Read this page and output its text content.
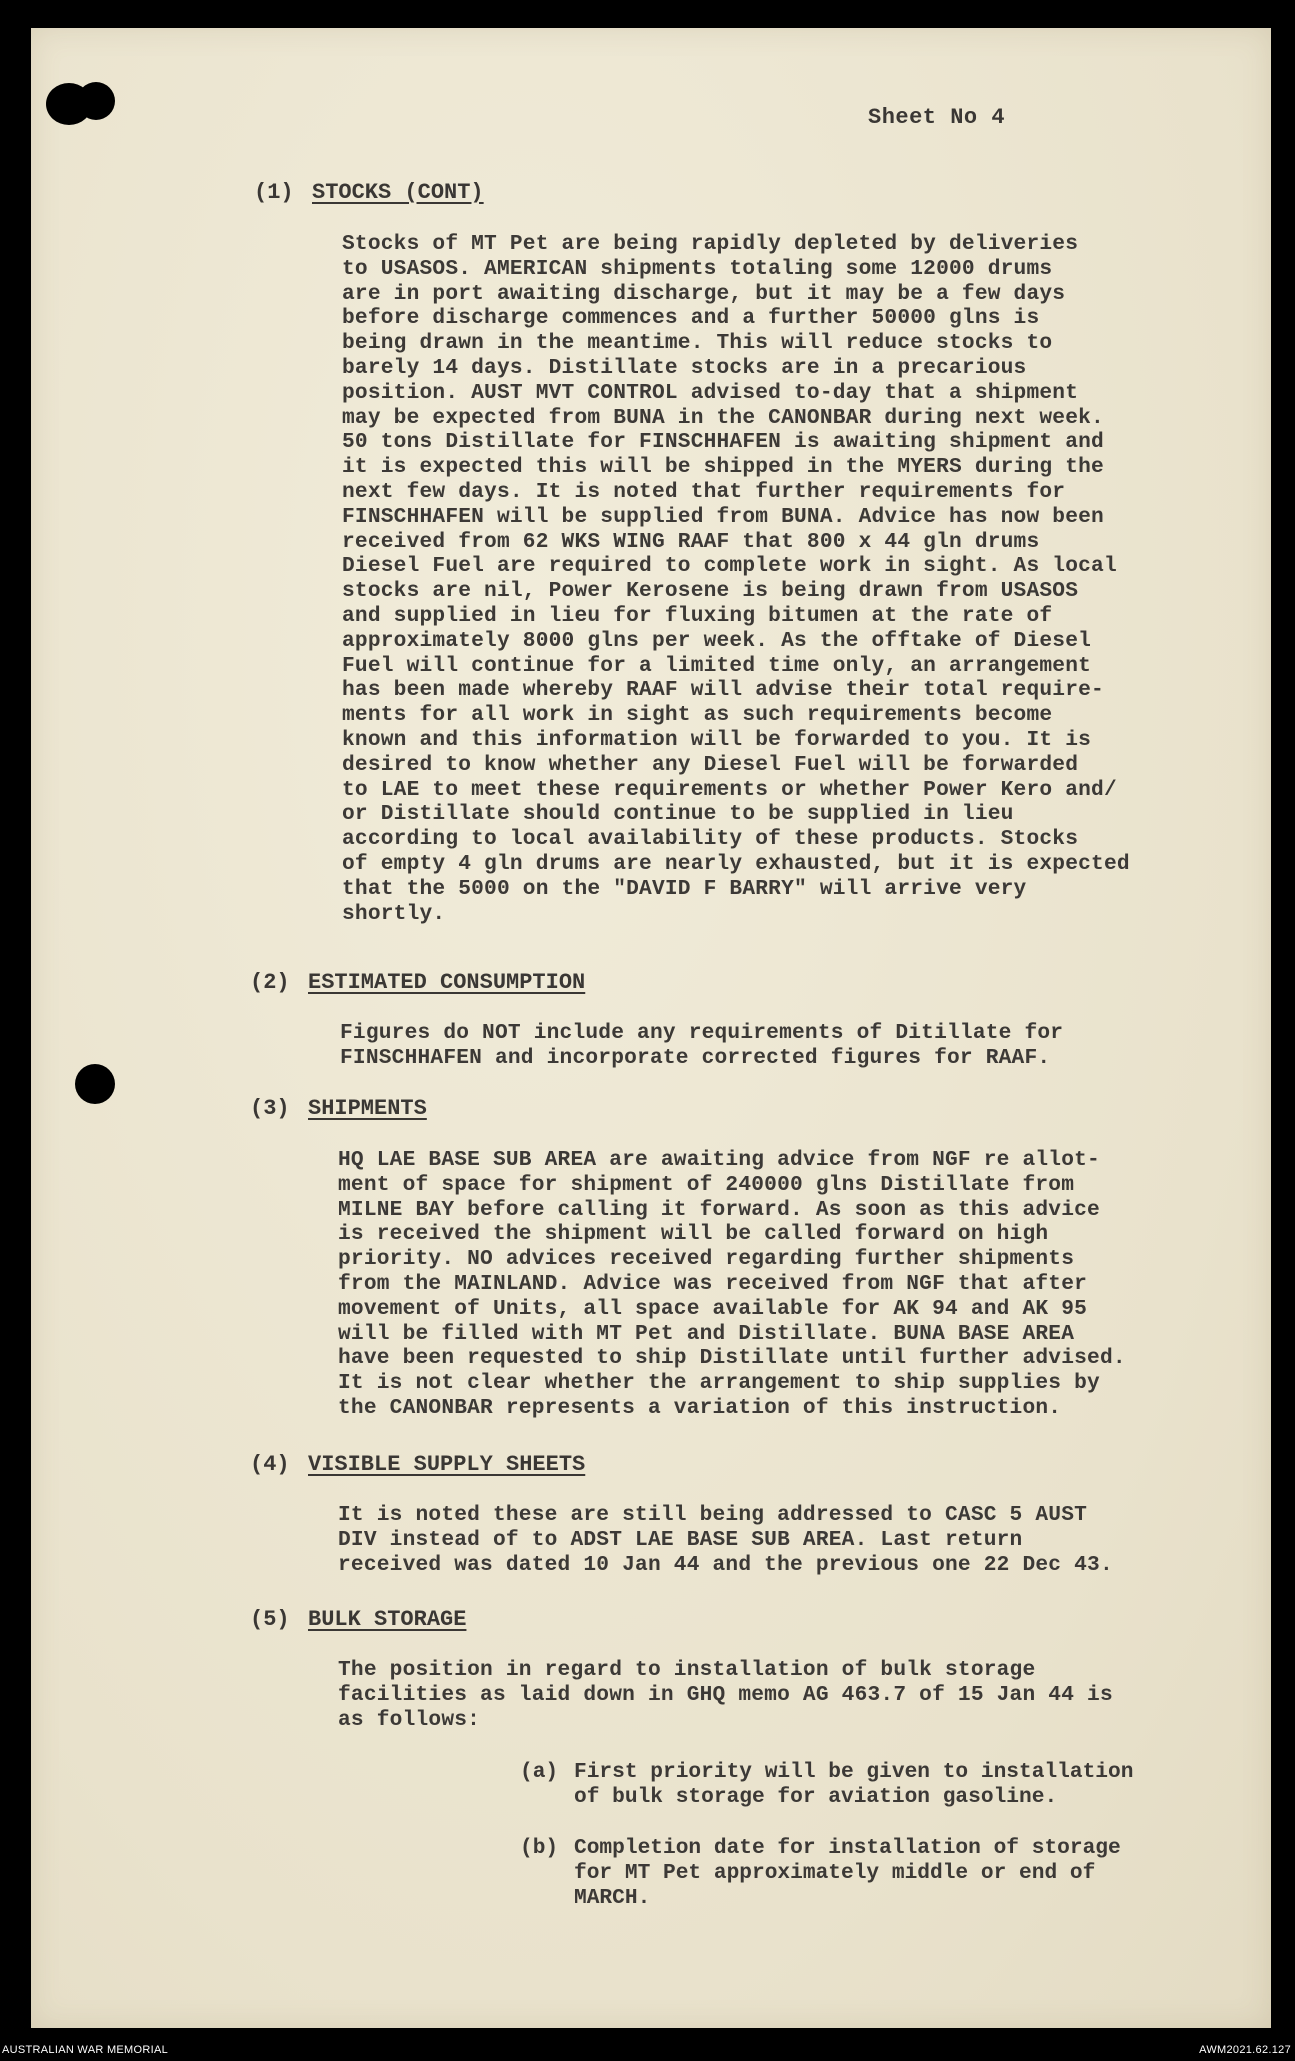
Sheet No 4
(1) STOCKS (CONT)
Stocks of MT Pet are being rapidly depleted by deliveries
to USASOS. AMERICAN shipments totaling some 12000 drums
are in port awaiting discharge, but it may be a few days
before discharge commences and a further 50000 glns is
being drawn in the meantime. This will reduce stocks to
barely 14 days. Distillate stocks are in a precarious
position. AUST MVT CONTROL advised to-day that a shipment
may be expected from BUNA in the CANONBAR during next week.
50 tons Distillate for FINSCHHAFEN is awaiting shipment and
it is expected this will be shipped in the MYERS during the
next few days. It is noted that further requirements for
FINSCHHAFEN will be supplied from BUNA. Advice has now been
received from 62 WKS WING RAAF that 800 x 44 gln drums
Diesel Fuel are required to complete work in sight. As local
stocks are nil, Power Kerosene is being drawn from USASOS
and supplied in lieu for fluxing bitumen at the rate of
approximately 8000 glns per week. As the offtake of Diesel
Fuel will continue for a limited time only, an arrangement
has been made whereby RAAF will advise their total require-
ments for all work in sight as such requirements become
known and this information will be forwarded to you. It is
desired to know whether any Diesel Fuel will be forwarded
to LAE to meet these requirements or whether Power Kero and/
or Distillate should continue to be supplied in lieu
according to local availability of these products. Stocks
of empty 4 gln drums are nearly exhausted, but it is expected
that the 5000 on the "DAVID F BARRY" will arrive very
shortly.
(2) ESTIMATED CONSUMPTION
Figures do NOT include any requirements of Ditillate for
FINSCHHAFEN and incorporate corrected figures for RAAF.
(3) SHIPMENTS
HQ LAE BASE SUB AREA are awaiting advice from NGF re allot-
ment of space for shipment of 240000 glns Distillate from
MILNE BAY before calling it forward. As soon as this advice
is received the shipment will be called forward on high
priority. NO advices received regarding further shipments
from the MAINLAND. Advice was received from NGF that after
movement of Units, all space available for AK 94 and AK 95
will be filled with MT Pet and Distillate. BUNA BASE AREA
have been requested to ship Distillate until further advised.
It is not clear whether the arrangement to ship supplies by
the CANONBAR represents a variation of this instruction.
(4) VISIBLE SUPPLY SHEETS
It is noted these are still being addressed to CASC 5 AUST
DIV instead of to ADST LAE BASE SUB AREA. Last return
received was dated 10 Jan 44 and the previous one 22 Dec 43.
(5) BULK STORAGE
The position in regard to installation of bulk storage
facilities as laid down in GHQ memo AG 463.7 of 15 Jan 44 is
as follows:

(a)

First priority will be given to installation
of bulk storage for aviation gasoline.

(b)

Completion date for installation of storage
for MT Pet approximately middle or end of
MARCH.

AUSTRALIAN WAR MEMORIAL	AWM2021.62.127
